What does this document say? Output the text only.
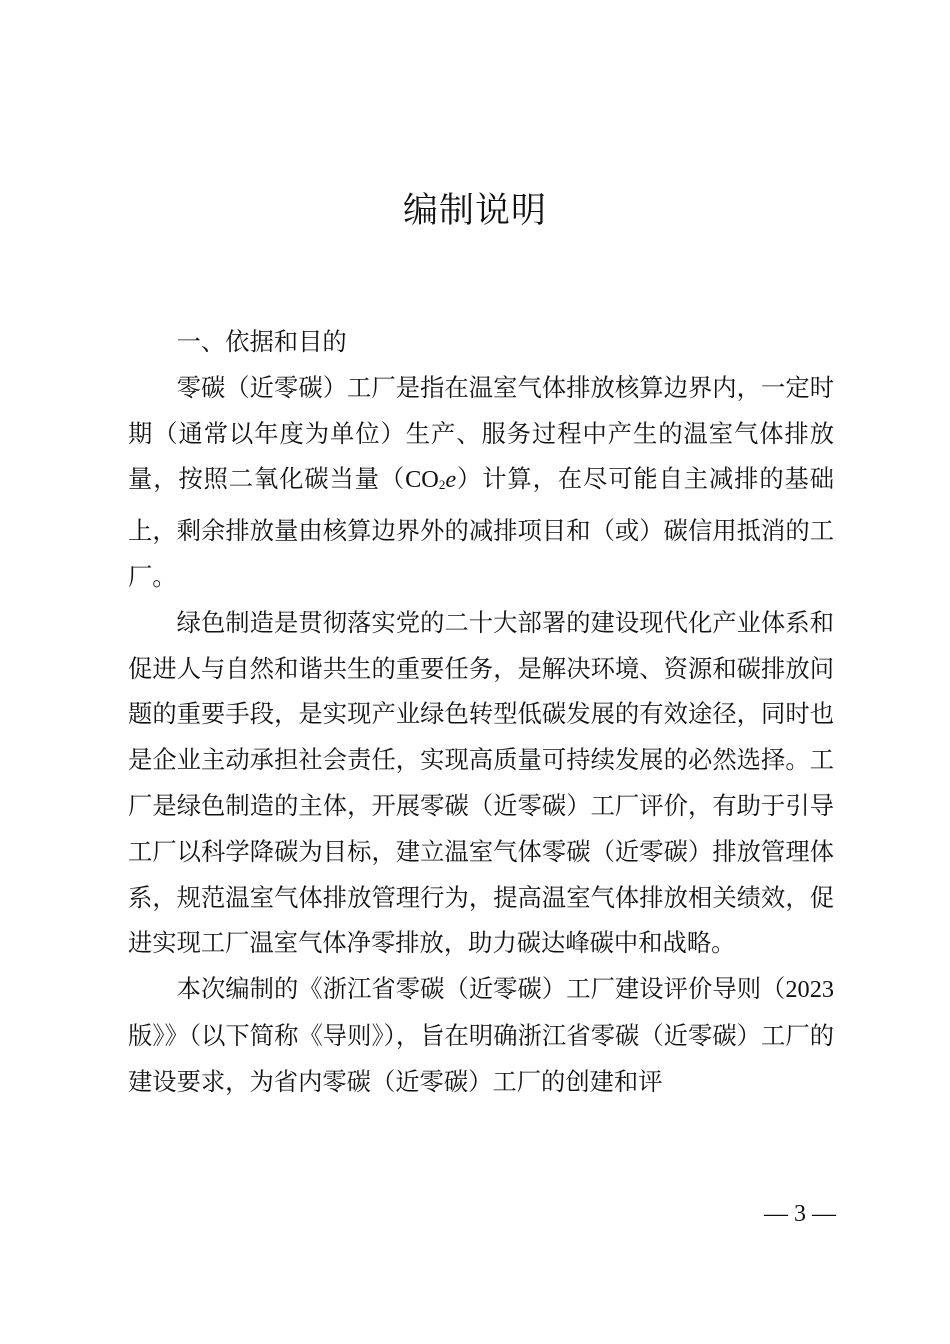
编制说明

一、依据和目的

零碳（近零碳）工厂是指在温室气体排放核算边界内，一定时期（通常以年度为单位）生产、服务过程中产生的温室气体排放量，按照二氧化碳当量（CO2e）计算，在尽可能自主减排的基础上，剩余排放量由核算边界外的减排项目和（或）碳信用抵消的工厂。

绿色制造是贯彻落实党的二十大部署的建设现代化产业体系和促进人与自然和谐共生的重要任务，是解决环境、资源和碳排放问题的重要手段，是实现产业绿色转型低碳发展的有效途径，同时也是企业主动承担社会责任，实现高质量可持续发展的必然选择。工厂是绿色制造的主体，开展零碳（近零碳）工厂评价，有助于引导工厂以科学降碳为目标，建立温室气体零碳（近零碳）排放管理体系，规范温室气体排放管理行为，提高温室气体排放相关绩效，促进实现工厂温室气体净零排放，助力碳达峰碳中和战略。

本次编制的《浙江省零碳（近零碳）工厂建设评价导则（2023版》》（以下简称《导则》），旨在明确浙江省零碳（近零碳）工厂的建设要求，为省内零碳（近零碳）工厂的创建和评

— 3 —
